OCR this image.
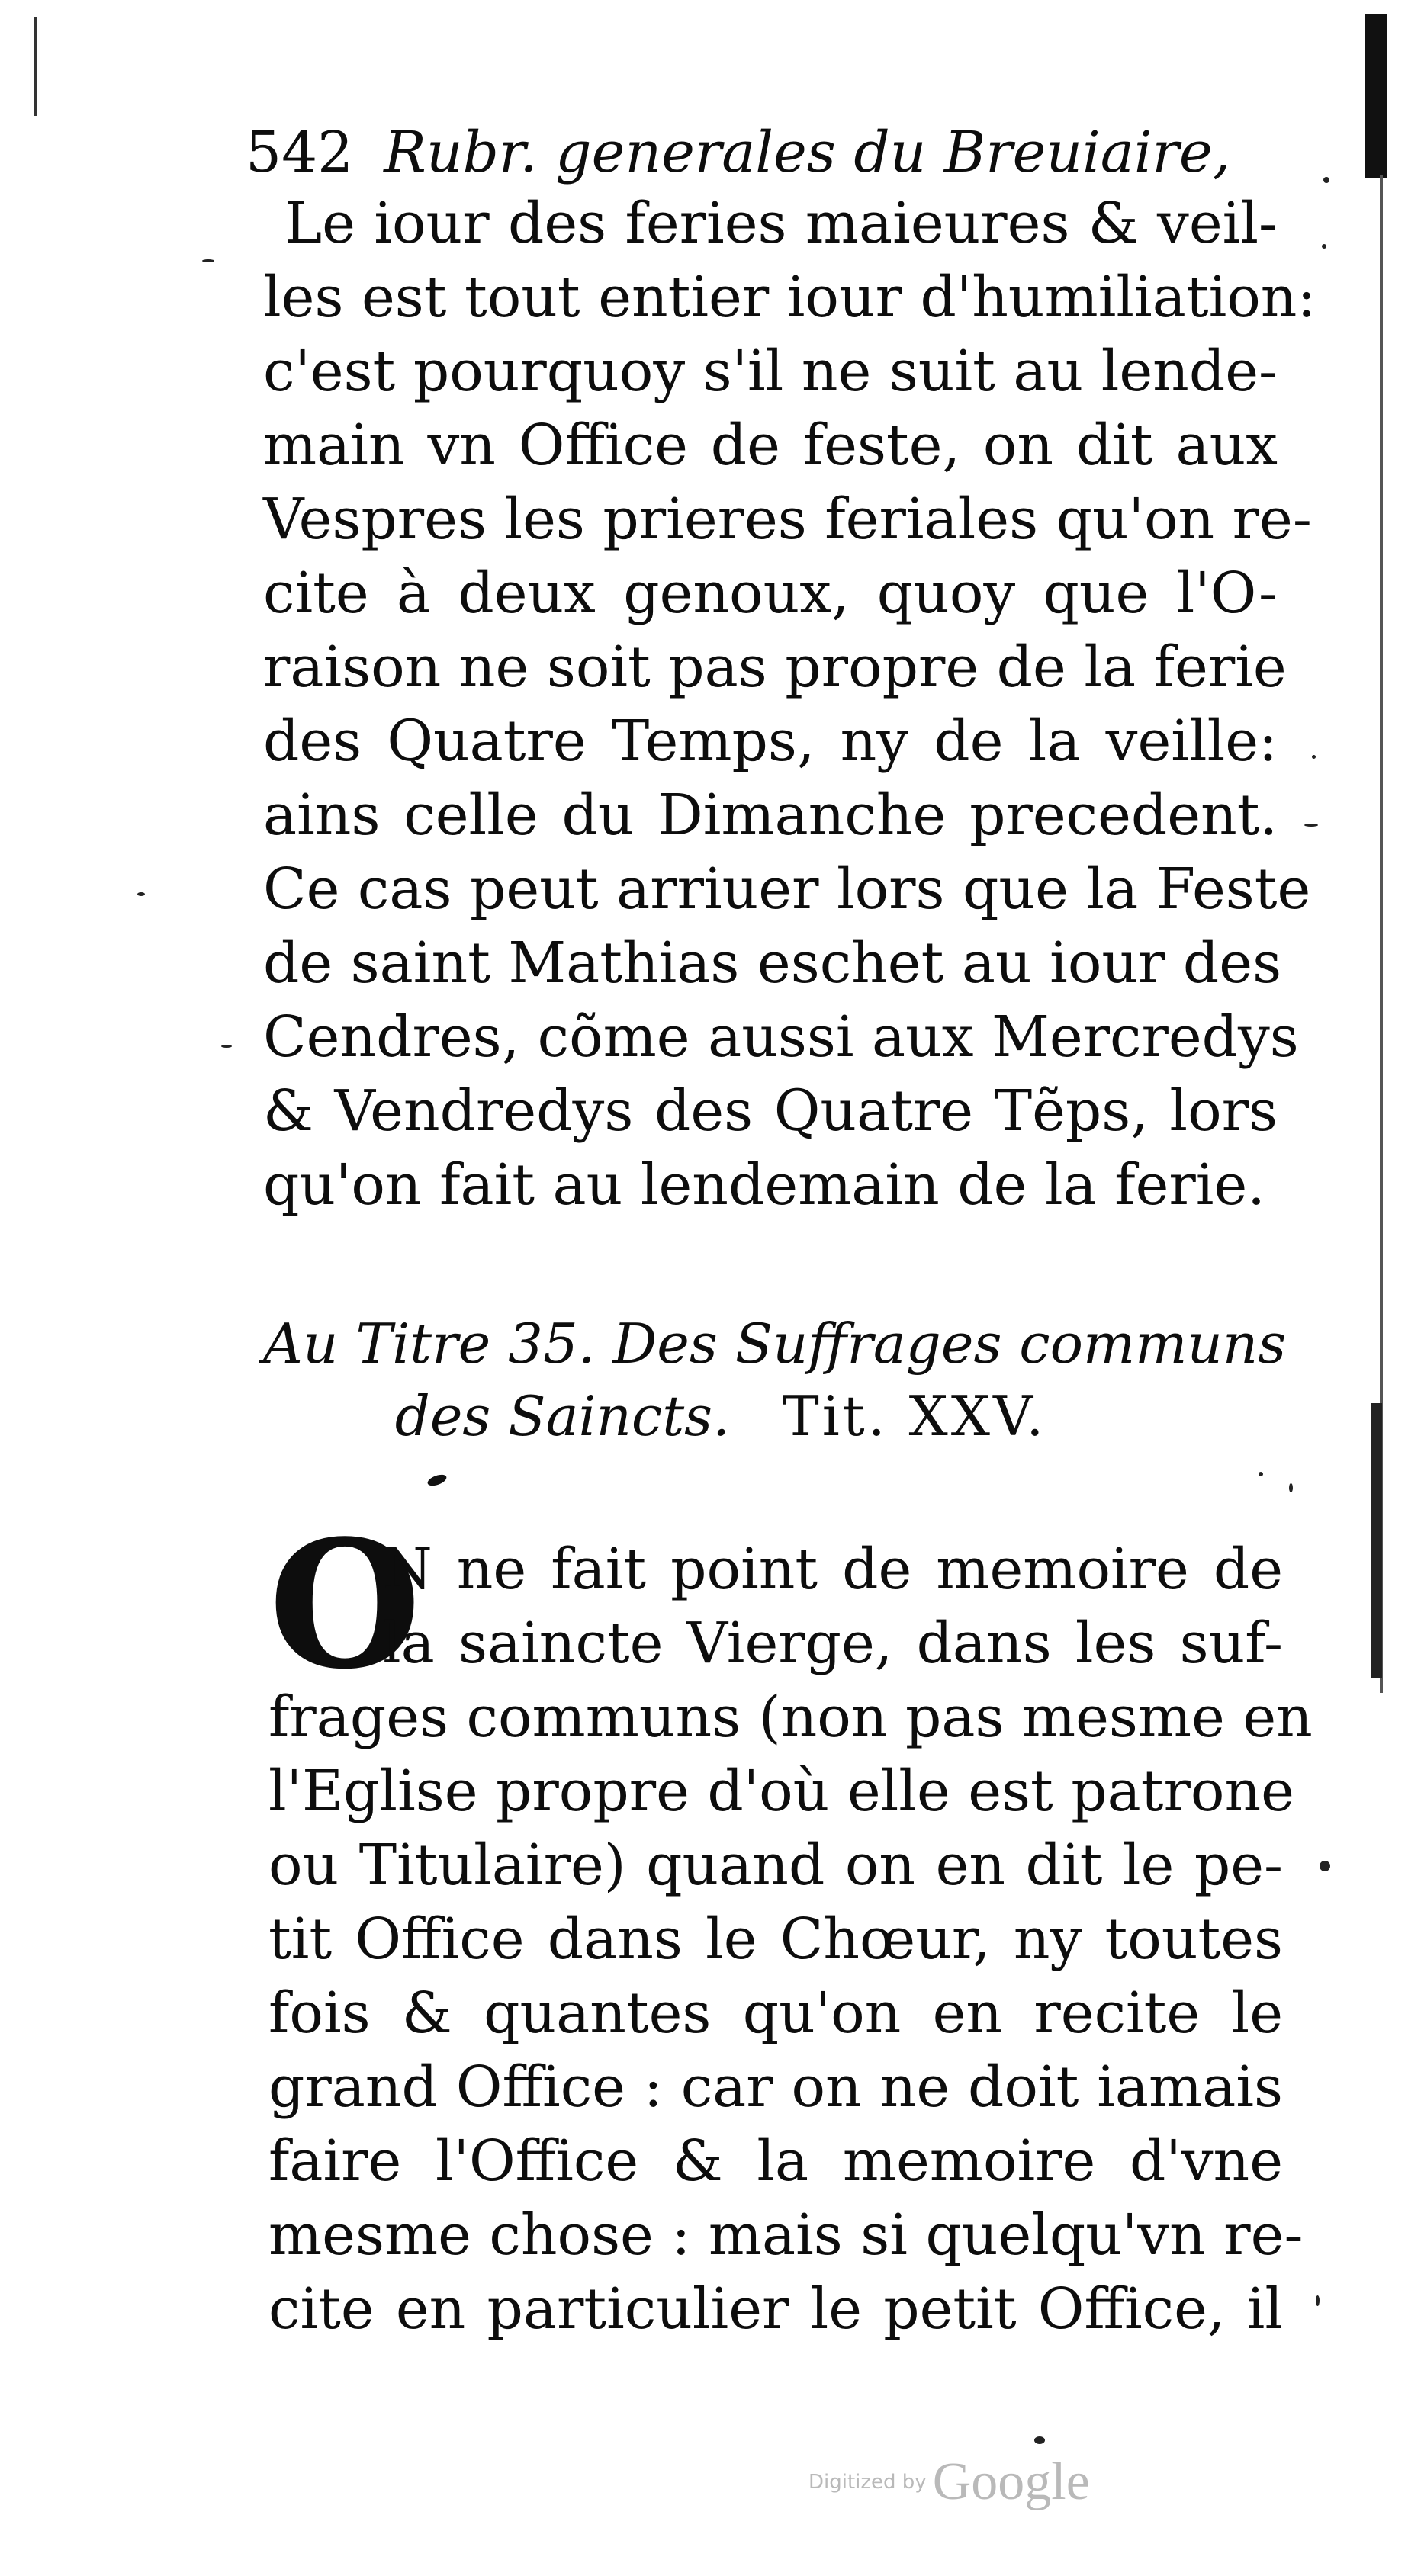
542 Rubr. generales du Breuiaire,
Le iour des feries maieures & veil-
les est tout entier iour d'humiliation:
c'est pourquoy s'il ne suit au lende-
main vn Office de feste, on dit aux
Vespres les prieres feriales qu'on re-
cite à deux genoux, quoy que l'O-
raison ne soit pas propre de la ferie
des Quatre Temps, ny de la veille:
ains celle du Dimanche precedent.
Ce cas peut arriuer lors que la Feste
de saint Mathias eschet au iour des
Cendres, cõme aussi aux Mercredys
& Vendredys des Quatre Tẽps, lors
qu'on fait au lendemain de la ferie.
Au Titre 35. Des Suffrages communs
des Saincts. Tit. XXV.
O
N ne fait point de memoire de
la saincte Vierge, dans les suf-
frages communs (non pas mesme en
l'Eglise propre d'où elle est patrone
ou Titulaire) quand on en dit le pe-
tit Office dans le Chœur, ny toutes
fois & quantes qu'on en recite le
grand Office : car on ne doit iamais
faire l'Office & la memoire d'vne
mesme chose : mais si quelqu'vn re-
cite en particulier le petit Office, il
Digitized by Google
